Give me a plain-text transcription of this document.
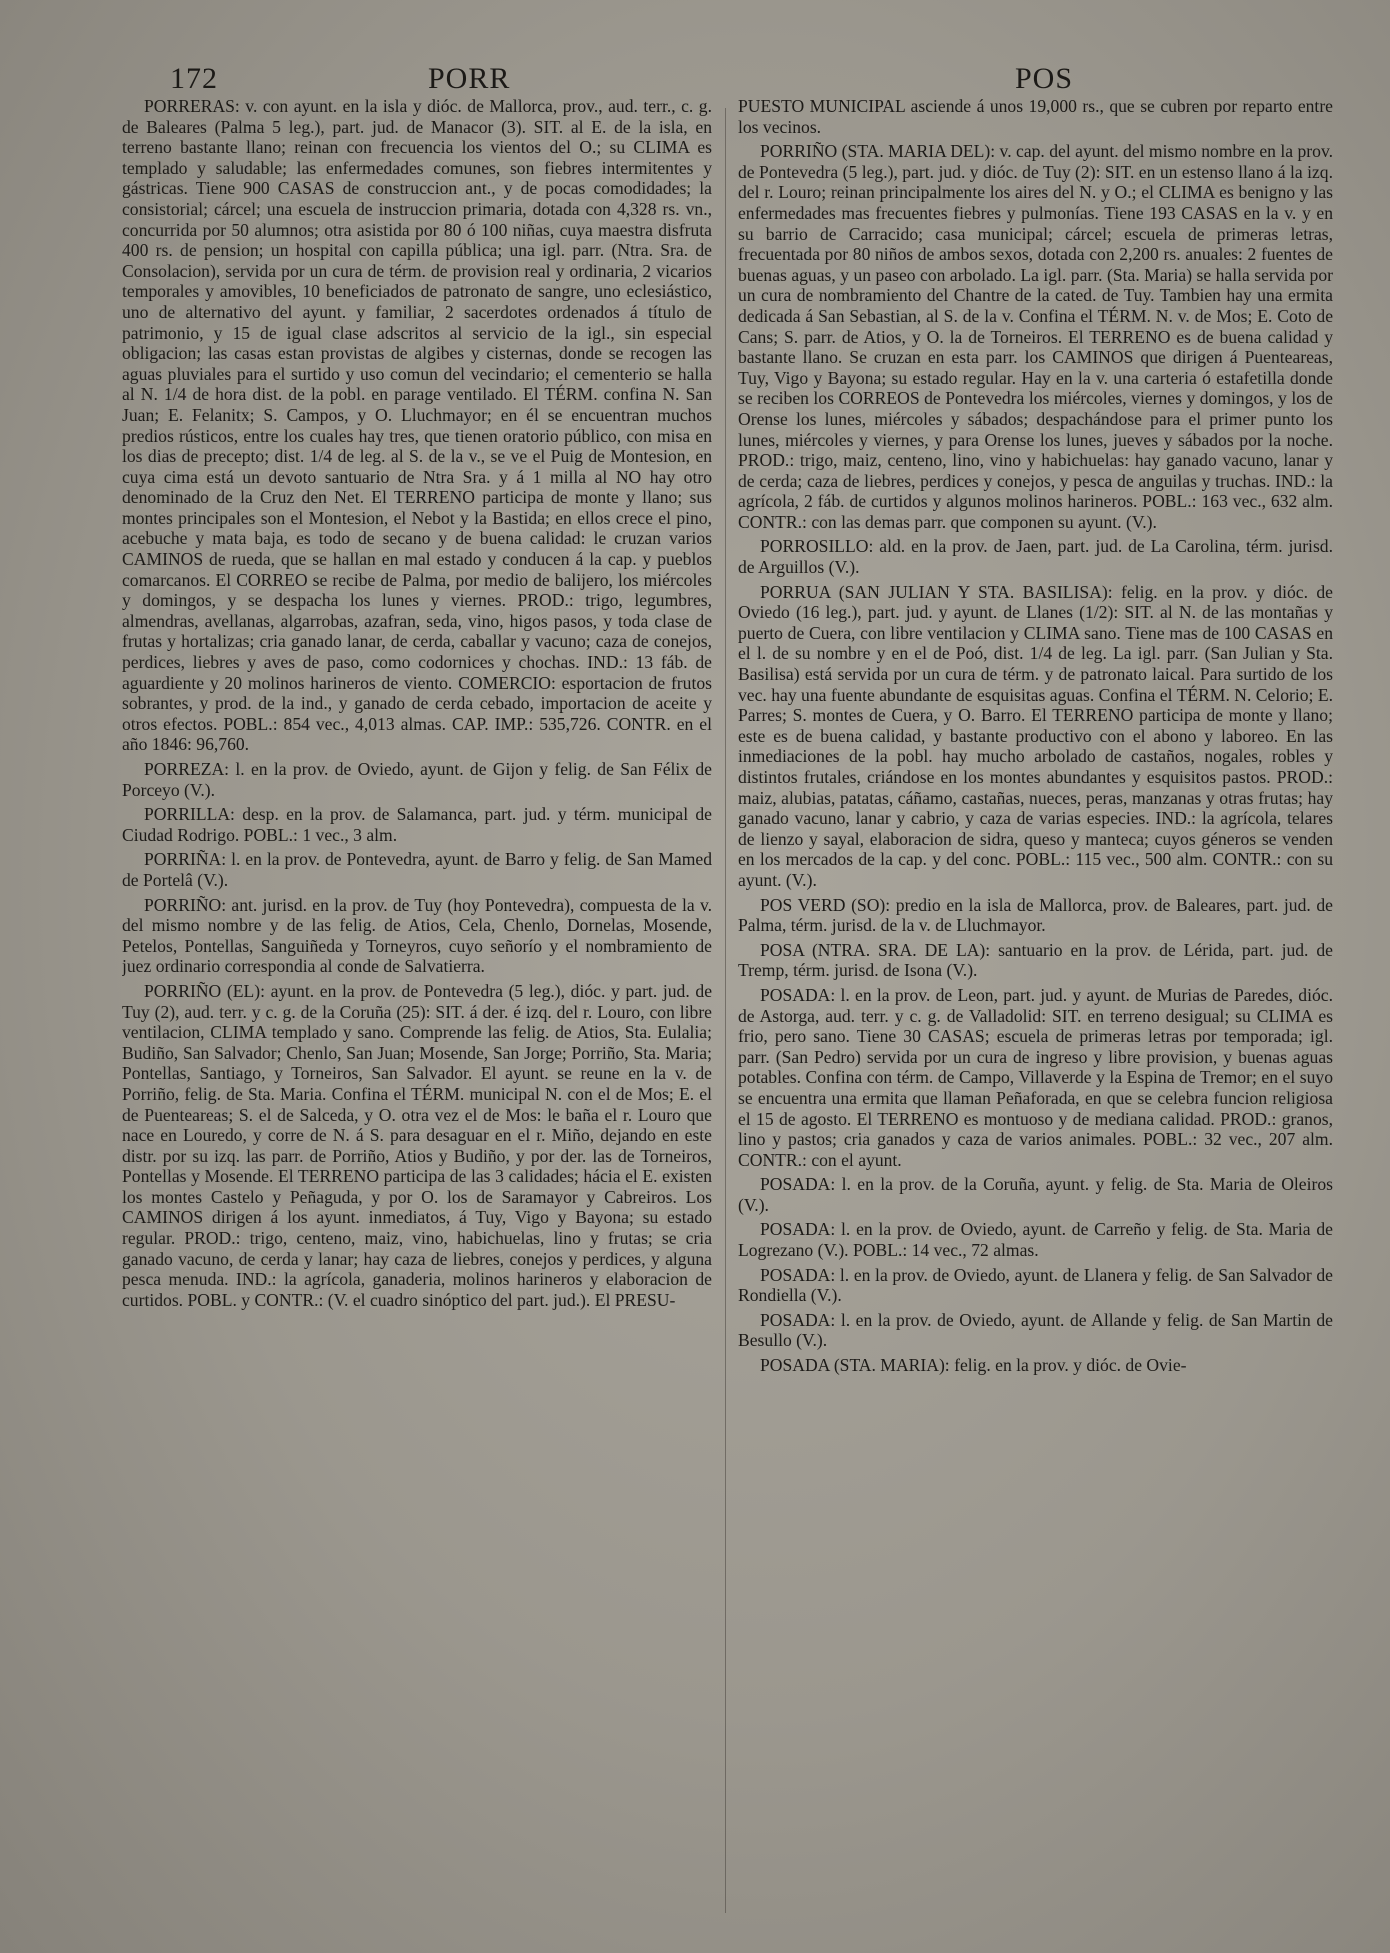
172	PORR	POS

PORRERAS: v. con ayunt. en la isla y dióc. de Mallorca, prov., aud. terr., c. g. de Baleares (Palma 5 leg.), part. jud. de Manacor (3). SIT. al E. de la isla, en terreno bastante llano; reinan con frecuencia los vientos del O.; su CLIMA es templado y saludable; las enfermedades comunes, son fiebres intermitentes y gástricas. Tiene 900 CASAS de construccion ant., y de pocas comodidades; la consistorial; cárcel; una escuela de instruccion primaria, dotada con 4,328 rs. vn., concurrida por 50 alumnos; otra asistida por 80 ó 100 niñas, cuya maestra disfruta 400 rs. de pension; un hospital con capilla pública; una igl. parr. (Ntra. Sra. de Consolacion), servida por un cura de térm. de provision real y ordinaria, 2 vicarios temporales y amovibles, 10 beneficiados de patronato de sangre, uno eclesiástico, uno de alternativo del ayunt. y familiar, 2 sacerdotes ordenados á título de patrimonio, y 15 de igual clase adscritos al servicio de la igl., sin especial obligacion; las casas estan provistas de algibes y cisternas, donde se recogen las aguas pluviales para el surtido y uso comun del vecindario; el cementerio se halla al N. 1/4 de hora dist. de la pobl. en parage ventilado. El TÉRM. confina N. San Juan; E. Felanitx; S. Campos, y O. Lluchmayor; en él se encuentran muchos predios rústicos, entre los cuales hay tres, que tienen oratorio público, con misa en los dias de precepto; dist. 1/4 de leg. al S. de la v., se ve el Puig de Montesion, en cuya cima está un devoto santuario de Ntra Sra. y á 1 milla al NO hay otro denominado de la Cruz den Net. El TERRENO participa de monte y llano; sus montes principales son el Montesion, el Nebot y la Bastida; en ellos crece el pino, acebuche y mata baja, es todo de secano y de buena calidad: le cruzan varios CAMINOS de rueda, que se hallan en mal estado y conducen á la cap. y pueblos comarcanos. El CORREO se recibe de Palma, por medio de balijero, los miércoles y domingos, y se despacha los lunes y viernes. PROD.: trigo, legumbres, almendras, avellanas, algarrobas, azafran, seda, vino, higos pasos, y toda clase de frutas y hortalizas; cria ganado lanar, de cerda, caballar y vacuno; caza de conejos, perdices, liebres y aves de paso, como codornices y chochas. IND.: 13 fáb. de aguardiente y 20 molinos harineros de viento. COMERCIO: esportacion de frutos sobrantes, y prod. de la ind., y ganado de cerda cebado, importacion de aceite y otros efectos. POBL.: 854 vec., 4,013 almas. CAP. IMP.: 535,726. CONTR. en el año 1846: 96,760.

PORREZA: l. en la prov. de Oviedo, ayunt. de Gijon y felig. de San Félix de Porceyo (V.).

PORRILLA: desp. en la prov. de Salamanca, part. jud. y térm. municipal de Ciudad Rodrigo. POBL.: 1 vec., 3 alm.

PORRIÑA: l. en la prov. de Pontevedra, ayunt. de Barro y felig. de San Mamed de Portelâ (V.).

PORRIÑO: ant. jurisd. en la prov. de Tuy (hoy Pontevedra), compuesta de la v. del mismo nombre y de las felig. de Atios, Cela, Chenlo, Dornelas, Mosende, Petelos, Pontellas, Sanguiñeda y Torneyros, cuyo señorío y el nombramiento de juez ordinario correspondia al conde de Salvatierra.

PORRIÑO (EL): ayunt. en la prov. de Pontevedra (5 leg.), dióc. y part. jud. de Tuy (2), aud. terr. y c. g. de la Coruña (25): SIT. á der. é izq. del r. Louro, con libre ventilacion, CLIMA templado y sano. Comprende las felig. de Atios, Sta. Eulalia; Budiño, San Salvador; Chenlo, San Juan; Mosende, San Jorge; Porriño, Sta. Maria; Pontellas, Santiago, y Torneiros, San Salvador. El ayunt. se reune en la v. de Porriño, felig. de Sta. Maria. Confina el TÉRM. municipal N. con el de Mos; E. el de Puenteareas; S. el de Salceda, y O. otra vez el de Mos: le baña el r. Louro que nace en Louredo, y corre de N. á S. para desaguar en el r. Miño, dejando en este distr. por su izq. las parr. de Porriño, Atios y Budiño, y por der. las de Torneiros, Pontellas y Mosende. El TERRENO participa de las 3 calidades; hácia el E. existen los montes Castelo y Peñaguda, y por O. los de Saramayor y Cabreiros. Los CAMINOS dirigen á los ayunt. inmediatos, á Tuy, Vigo y Bayona; su estado regular. PROD.: trigo, centeno, maiz, vino, habichuelas, lino y frutas; se cria ganado vacuno, de cerda y lanar; hay caza de liebres, conejos y perdices, y alguna pesca menuda. IND.: la agrícola, ganaderia, molinos harineros y elaboracion de curtidos. POBL. y CONTR.: (V. el cuadro sinóptico del part. jud.). El PRESU-

PUESTO MUNICIPAL asciende á unos 19,000 rs., que se cubren por reparto entre los vecinos.

PORRIÑO (STA. MARIA DEL): v. cap. del ayunt. del mismo nombre en la prov. de Pontevedra (5 leg.), part. jud. y dióc. de Tuy (2): SIT. en un estenso llano á la izq. del r. Louro; reinan principalmente los aires del N. y O.; el CLIMA es benigno y las enfermedades mas frecuentes fiebres y pulmonías. Tiene 193 CASAS en la v. y en su barrio de Carracido; casa municipal; cárcel; escuela de primeras letras, frecuentada por 80 niños de ambos sexos, dotada con 2,200 rs. anuales: 2 fuentes de buenas aguas, y un paseo con arbolado. La igl. parr. (Sta. Maria) se halla servida por un cura de nombramiento del Chantre de la cated. de Tuy. Tambien hay una ermita dedicada á San Sebastian, al S. de la v. Confina el TÉRM. N. v. de Mos; E. Coto de Cans; S. parr. de Atios, y O. la de Torneiros. El TERRENO es de buena calidad y bastante llano. Se cruzan en esta parr. los CAMINOS que dirigen á Puenteareas, Tuy, Vigo y Bayona; su estado regular. Hay en la v. una carteria ó estafetilla donde se reciben los CORREOS de Pontevedra los miércoles, viernes y domingos, y los de Orense los lunes, miércoles y sábados; despachándose para el primer punto los lunes, miércoles y viernes, y para Orense los lunes, jueves y sábados por la noche. PROD.: trigo, maiz, centeno, lino, vino y habichuelas: hay ganado vacuno, lanar y de cerda; caza de liebres, perdices y conejos, y pesca de anguilas y truchas. IND.: la agrícola, 2 fáb. de curtidos y algunos molinos harineros. POBL.: 163 vec., 632 alm. CONTR.: con las demas parr. que componen su ayunt. (V.).

PORROSILLO: ald. en la prov. de Jaen, part. jud. de La Carolina, térm. jurisd. de Arguillos (V.).

PORRUA (SAN JULIAN Y STA. BASILISA): felig. en la prov. y dióc. de Oviedo (16 leg.), part. jud. y ayunt. de Llanes (1/2): SIT. al N. de las montañas y puerto de Cuera, con libre ventilacion y CLIMA sano. Tiene mas de 100 CASAS en el l. de su nombre y en el de Poó, dist. 1/4 de leg. La igl. parr. (San Julian y Sta. Basilisa) está servida por un cura de térm. y de patronato laical. Para surtido de los vec. hay una fuente abundante de esquisitas aguas. Confina el TÉRM. N. Celorio; E. Parres; S. montes de Cuera, y O. Barro. El TERRENO participa de monte y llano; este es de buena calidad, y bastante productivo con el abono y laboreo. En las inmediaciones de la pobl. hay mucho arbolado de castaños, nogales, robles y distintos frutales, criándose en los montes abundantes y esquisitos pastos. PROD.: maiz, alubias, patatas, cáñamo, castañas, nueces, peras, manzanas y otras frutas; hay ganado vacuno, lanar y cabrio, y caza de varias especies. IND.: la agrícola, telares de lienzo y sayal, elaboracion de sidra, queso y manteca; cuyos géneros se venden en los mercados de la cap. y del conc. POBL.: 115 vec., 500 alm. CONTR.: con su ayunt. (V.).

POS VERD (SO): predio en la isla de Mallorca, prov. de Baleares, part. jud. de Palma, térm. jurisd. de la v. de Lluchmayor.

POSA (NTRA. SRA. DE LA): santuario en la prov. de Lérida, part. jud. de Tremp, térm. jurisd. de Isona (V.).

POSADA: l. en la prov. de Leon, part. jud. y ayunt. de Murias de Paredes, dióc. de Astorga, aud. terr. y c. g. de Valladolid: SIT. en terreno desigual; su CLIMA es frio, pero sano. Tiene 30 CASAS; escuela de primeras letras por temporada; igl. parr. (San Pedro) servida por un cura de ingreso y libre provision, y buenas aguas potables. Confina con térm. de Campo, Villaverde y la Espina de Tremor; en el suyo se encuentra una ermita que llaman Peñaforada, en que se celebra funcion religiosa el 15 de agosto. El TERRENO es montuoso y de mediana calidad. PROD.: granos, lino y pastos; cria ganados y caza de varios animales. POBL.: 32 vec., 207 alm. CONTR.: con el ayunt.

POSADA: l. en la prov. de la Coruña, ayunt. y felig. de Sta. Maria de Oleiros (V.).

POSADA: l. en la prov. de Oviedo, ayunt. de Carreño y felig. de Sta. Maria de Logrezano (V.). POBL.: 14 vec., 72 almas.

POSADA: l. en la prov. de Oviedo, ayunt. de Llanera y felig. de San Salvador de Rondiella (V.).

POSADA: l. en la prov. de Oviedo, ayunt. de Allande y felig. de San Martin de Besullo (V.).

POSADA (STA. MARIA): felig. en la prov. y dióc. de Ovie-
